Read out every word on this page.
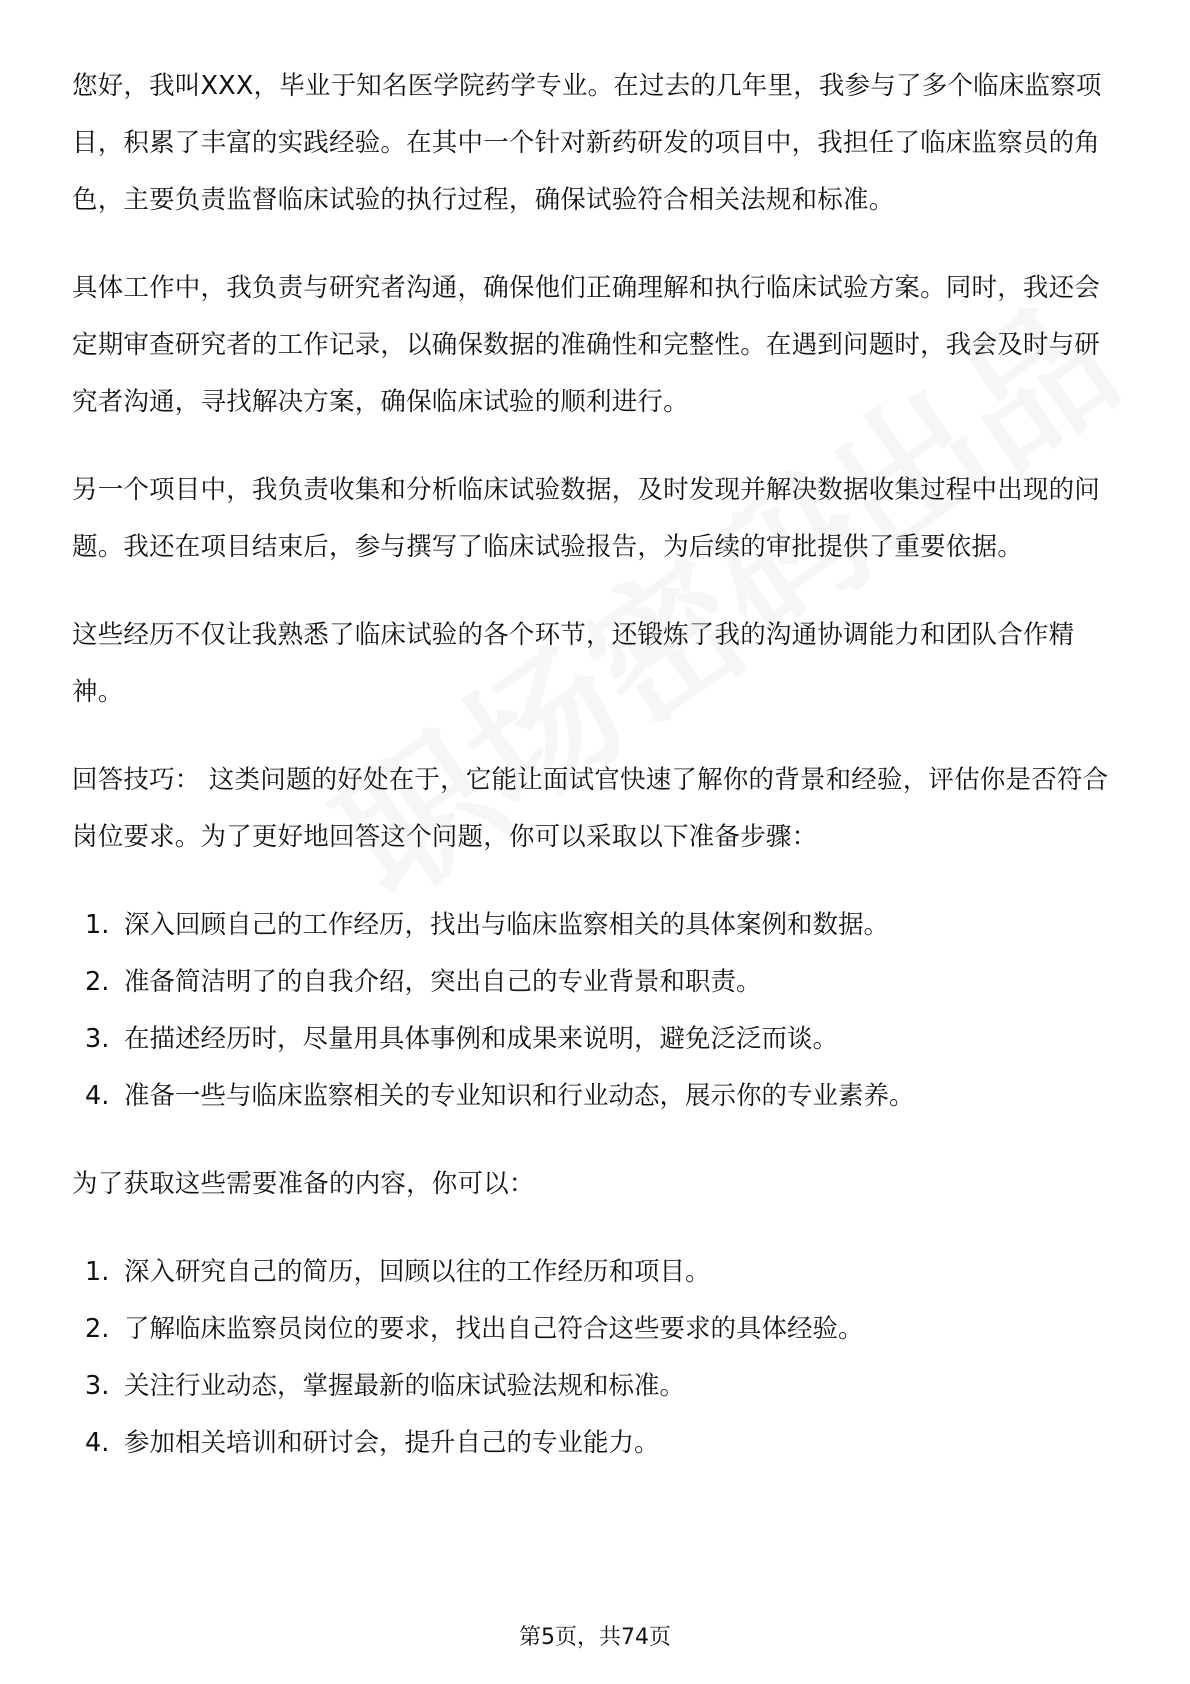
您好，我叫XXX，毕业于知名医学院药学专业。在过去的几年里，我参与了多个临床监察项目，积累了丰富的实践经验。在其中一个针对新药研发的项目中，我担任了临床监察员的角色，主要负责监督临床试验的执行过程，确保试验符合相关法规和标准。

具体工作中，我负责与研究者沟通，确保他们正确理解和执行临床试验方案。同时，我还会定期审查研究者的工作记录，以确保数据的准确性和完整性。在遇到问题时，我会及时与研究者沟通，寻找解决方案，确保临床试验的顺利进行。

另一个项目中，我负责收集和分析临床试验数据，及时发现并解决数据收集过程中出现的问题。我还在项目结束后，参与撰写了临床试验报告，为后续的审批提供了重要依据。

这些经历不仅让我熟悉了临床试验的各个环节，还锻炼了我的沟通协调能力和团队合作精神。

回答技巧： 这类问题的好处在于，它能让面试官快速了解你的背景和经验，评估你是否符合岗位要求。为了更好地回答这个问题，你可以采取以下准备步骤：

1. 深入回顾自己的工作经历，找出与临床监察相关的具体案例和数据。
2. 准备简洁明了的自我介绍，突出自己的专业背景和职责。
3. 在描述经历时，尽量用具体事例和成果来说明，避免泛泛而谈。
4. 准备一些与临床监察相关的专业知识和行业动态，展示你的专业素养。

为了获取这些需要准备的内容，你可以：

1. 深入研究自己的简历，回顾以往的工作经历和项目。
2. 了解临床监察员岗位的要求，找出自己符合这些要求的具体经验。
3. 关注行业动态，掌握最新的临床试验法规和标准。
4. 参加相关培训和研讨会，提升自己的专业能力。
第5页，共74页
